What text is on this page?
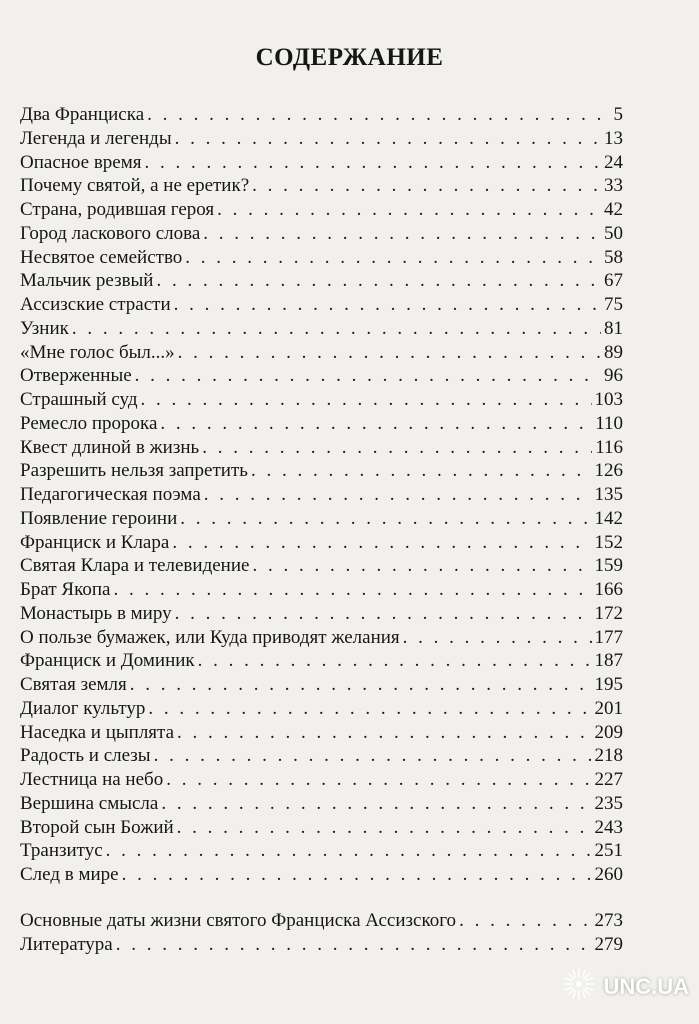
СОДЕРЖАНИЕ
Два Франциска . . .	5
Легенда и легенды . . .	13
Опасное время . . .	24
Почему святой, а не еретик? . . .	33
Страна, родившая героя . . .	42
Город ласкового слова . . .	50
Несвятое семейство . . .	58
Мальчик резвый . . .	67
Ассизские страсти . . .	75
Узник . . .	81
«Мне голос был...» . . .	89
Отверженные . . .	96
Страшный суд . . .	103
Ремесло пророка . . .	110
Квест длиной в жизнь . . .	116
Разрешить нельзя запретить . . .	126
Педагогическая поэма . . .	135
Появление героини . . .	142
Франциск и Клара . . .	152
Святая Клара и телевидение . . .	159
Брат Якопа . . .	166
Монастырь в миру . . .	172
О пользе бумажек, или Куда приводят желания . . .	177
Франциск и Доминик . . .	187
Святая земля . . .	195
Диалог культур . . .	201
Наседка и цыплята . . .	209
Радость и слезы . . .	218
Лестница на небо . . .	227
Вершина смысла . . .	235
Второй сын Божий . . .	243
Транзитус . . .	251
След в мире . . .	260
Основные даты жизни святого Франциска Ассизского . . .	273
Литература . . .	279
UNC.UA
